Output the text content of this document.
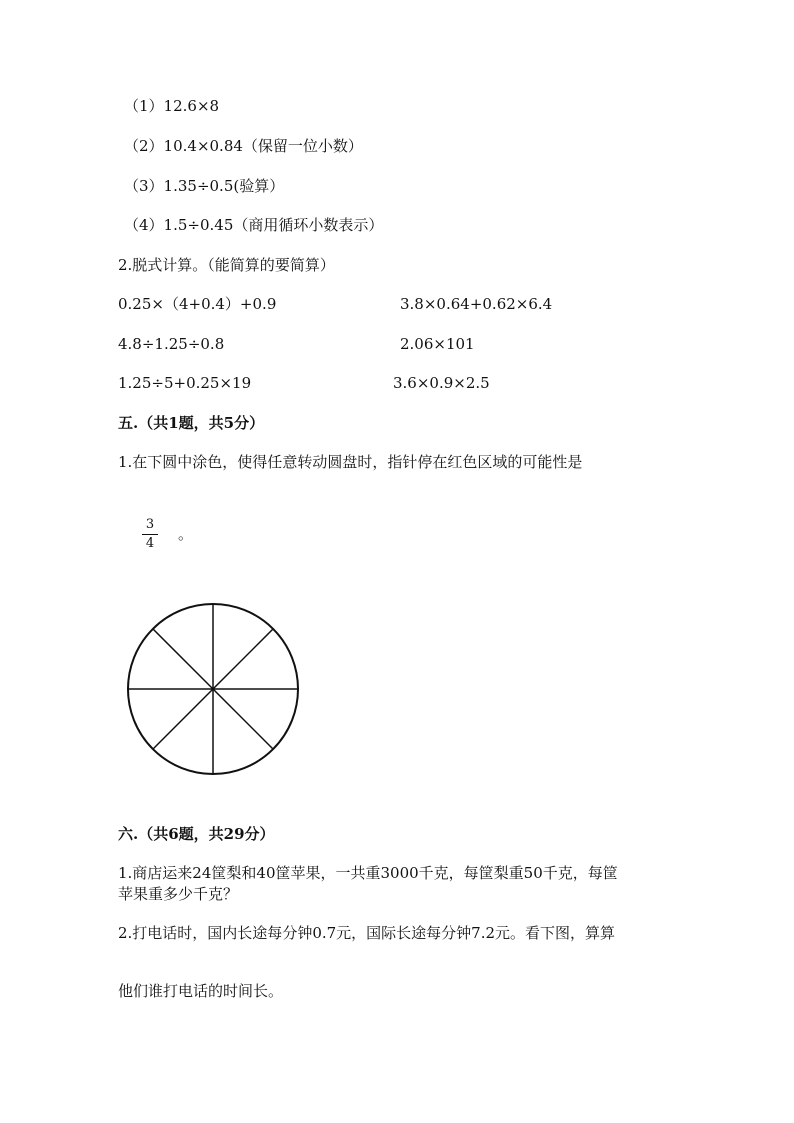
（1）12.6×8
（2）10.4×0.84（保留一位小数）
（3）1.35÷0.5(验算）
（4）1.5÷0.45（商用循环小数表示）
2.脱式计算。（能简算的要简算）
0.25×（4+0.4）+0.9	3.8×0.64+0.62×6.4
4.8÷1.25÷0.8	2.06×101
1.25÷5+0.25×19	3.6×0.9×2.5
五.（共1题，共5分）
1.在下圆中涂色，使得任意转动圆盘时，指针停在红色区域的可能性是
3
4
。
六.（共6题，共29分）
1.商店运来24筐梨和40筐苹果，一共重3000千克，每筐梨重50千克，每筐
苹果重多少千克？
2.打电话时，国内长途每分钟0.7元，国际长途每分钟7.2元。看下图，算算
他们谁打电话的时间长。
